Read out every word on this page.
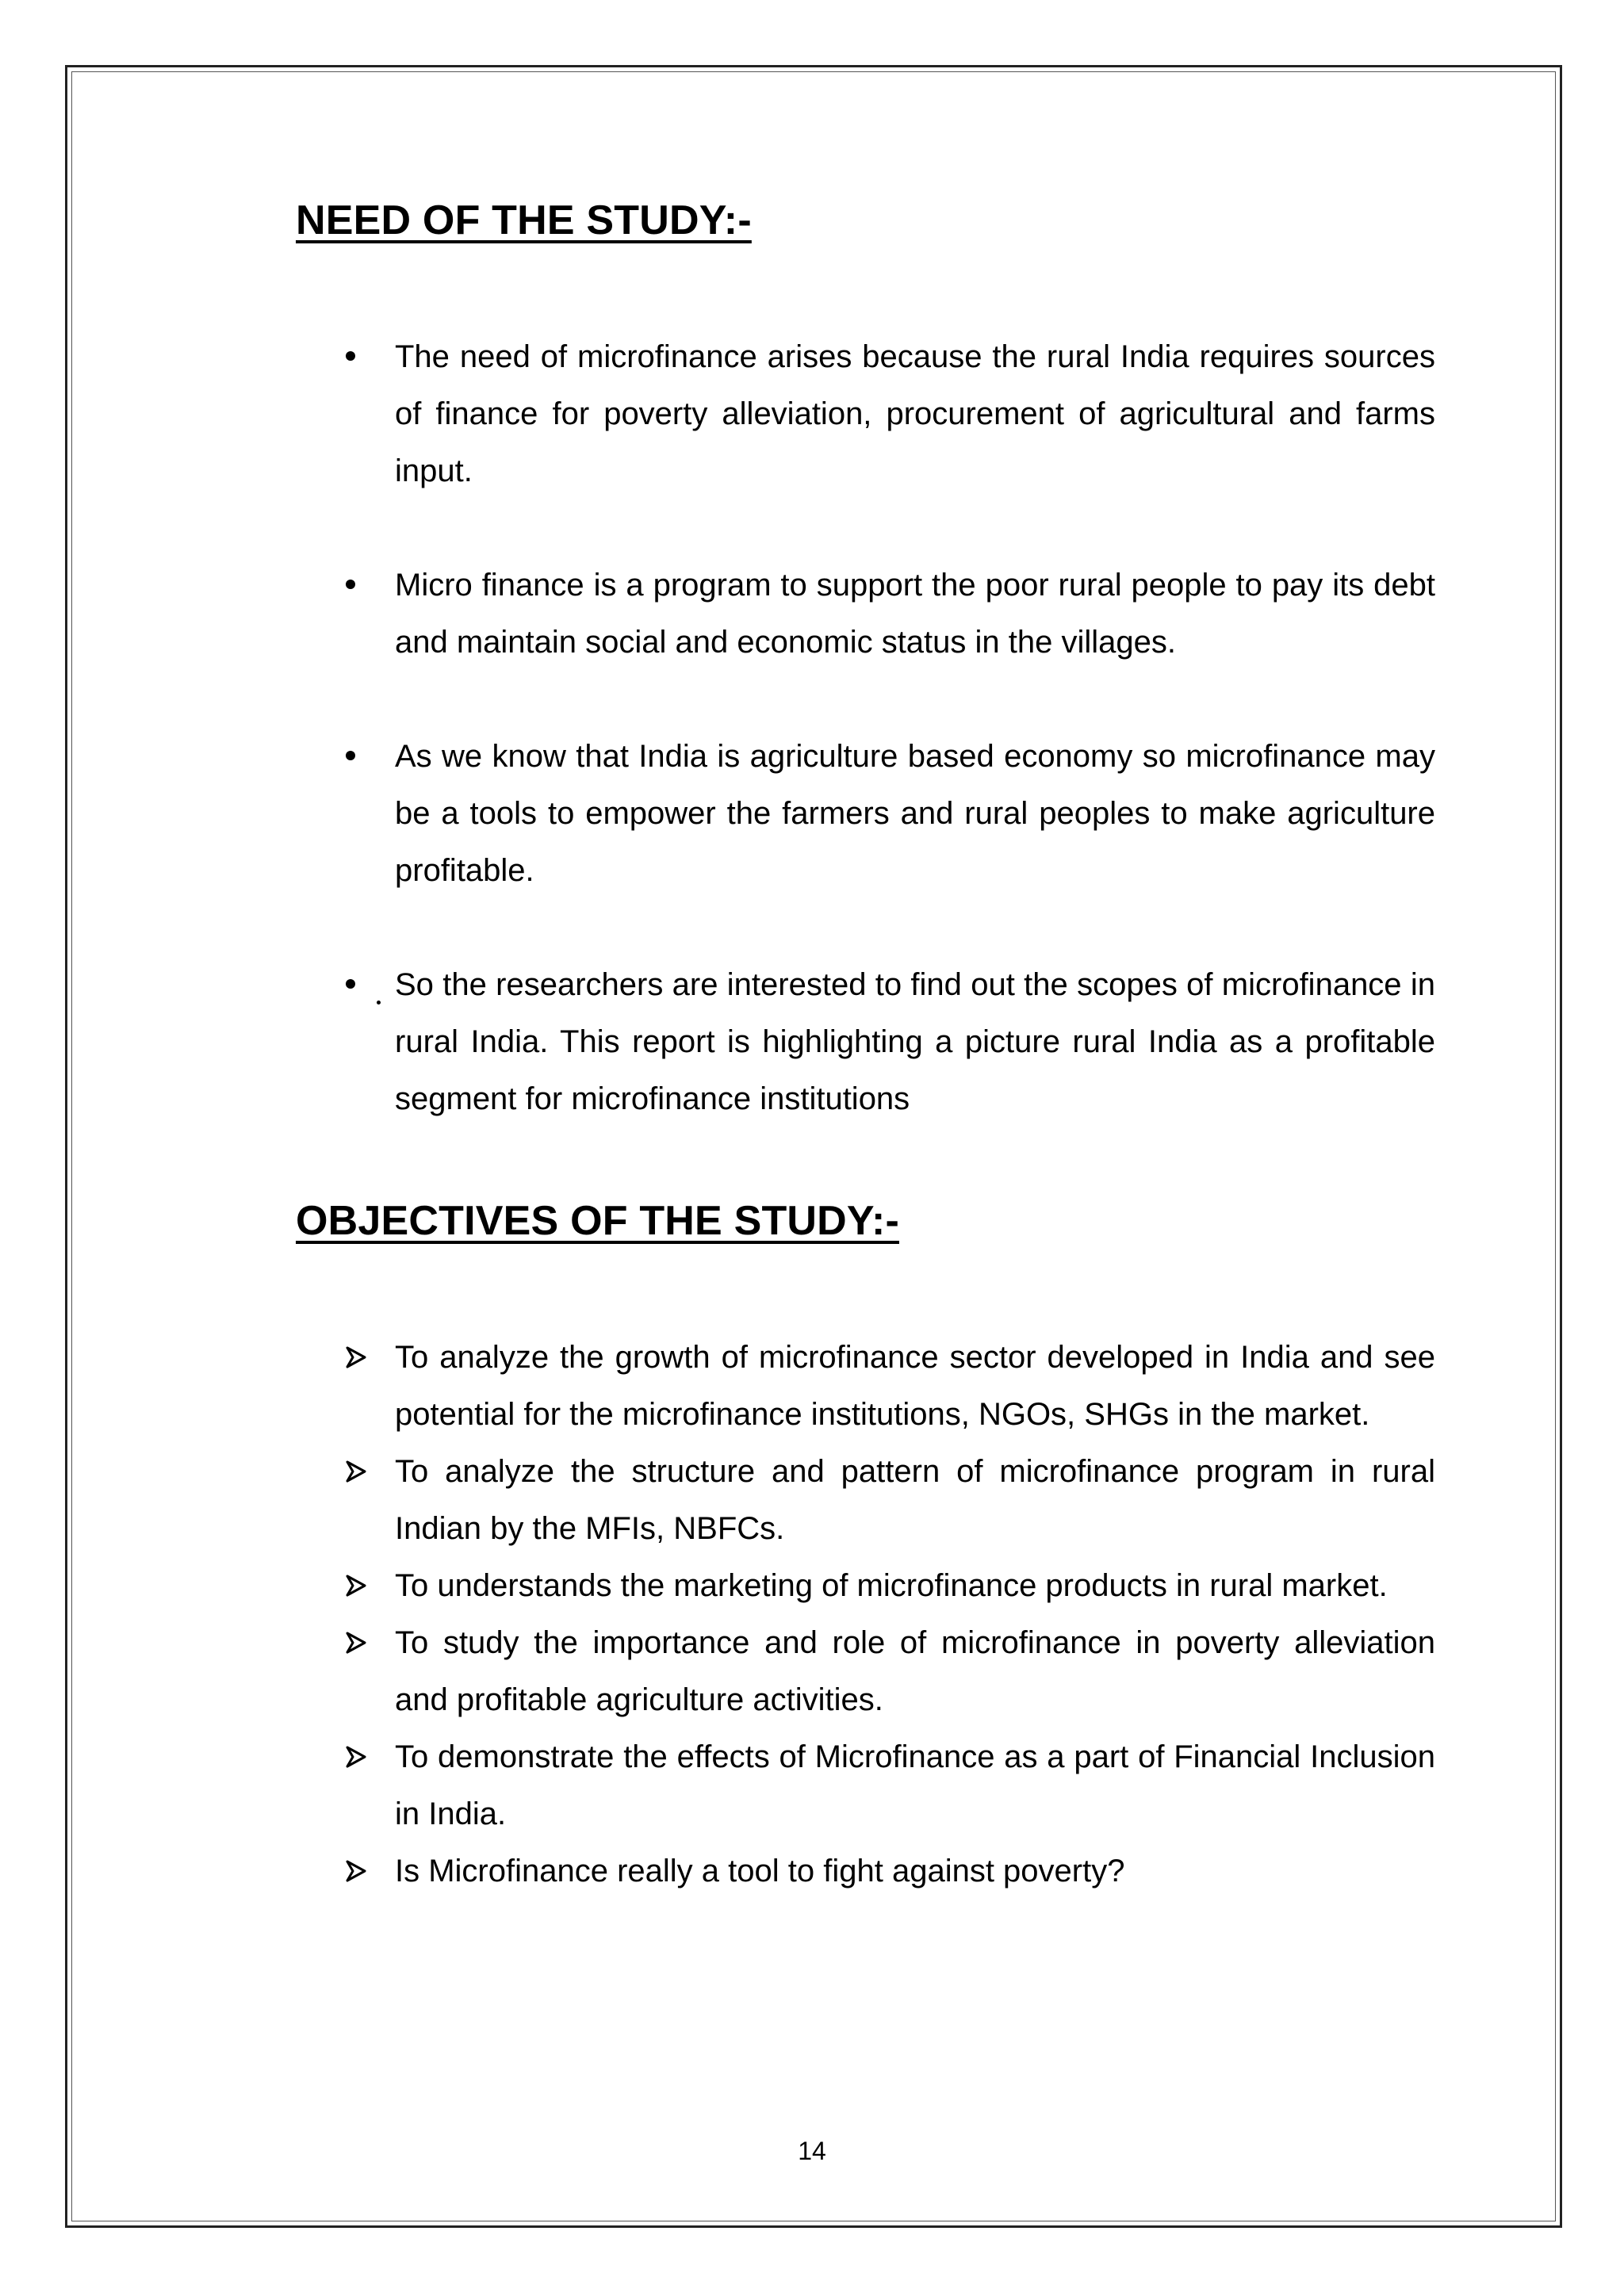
NEED OF THE STUDY:-
The need of microfinance arises because the rural India requires sources of finance for poverty alleviation, procurement of agricultural and farms input.
Micro finance is a program to support the poor rural people to pay its debt and maintain social and economic status in the villages.
As we know that India is agriculture based economy so microfinance may be a tools to empower the farmers and rural peoples to make agriculture profitable.
So the researchers are interested to find out the scopes of microfinance in rural India. This report is highlighting a picture rural India as a profitable segment for microfinance institutions
OBJECTIVES OF THE STUDY:-
To analyze the growth of microfinance sector developed in India and see potential for the microfinance institutions, NGOs, SHGs in the market.
To analyze the structure and pattern of microfinance program in rural Indian by the MFIs, NBFCs.
To understands the marketing of microfinance products in rural market.
To study the importance and role of microfinance in poverty alleviation and profitable agriculture activities.
To demonstrate the effects of Microfinance as a part of Financial Inclusion in India.
Is Microfinance really a tool to fight against poverty?
14
